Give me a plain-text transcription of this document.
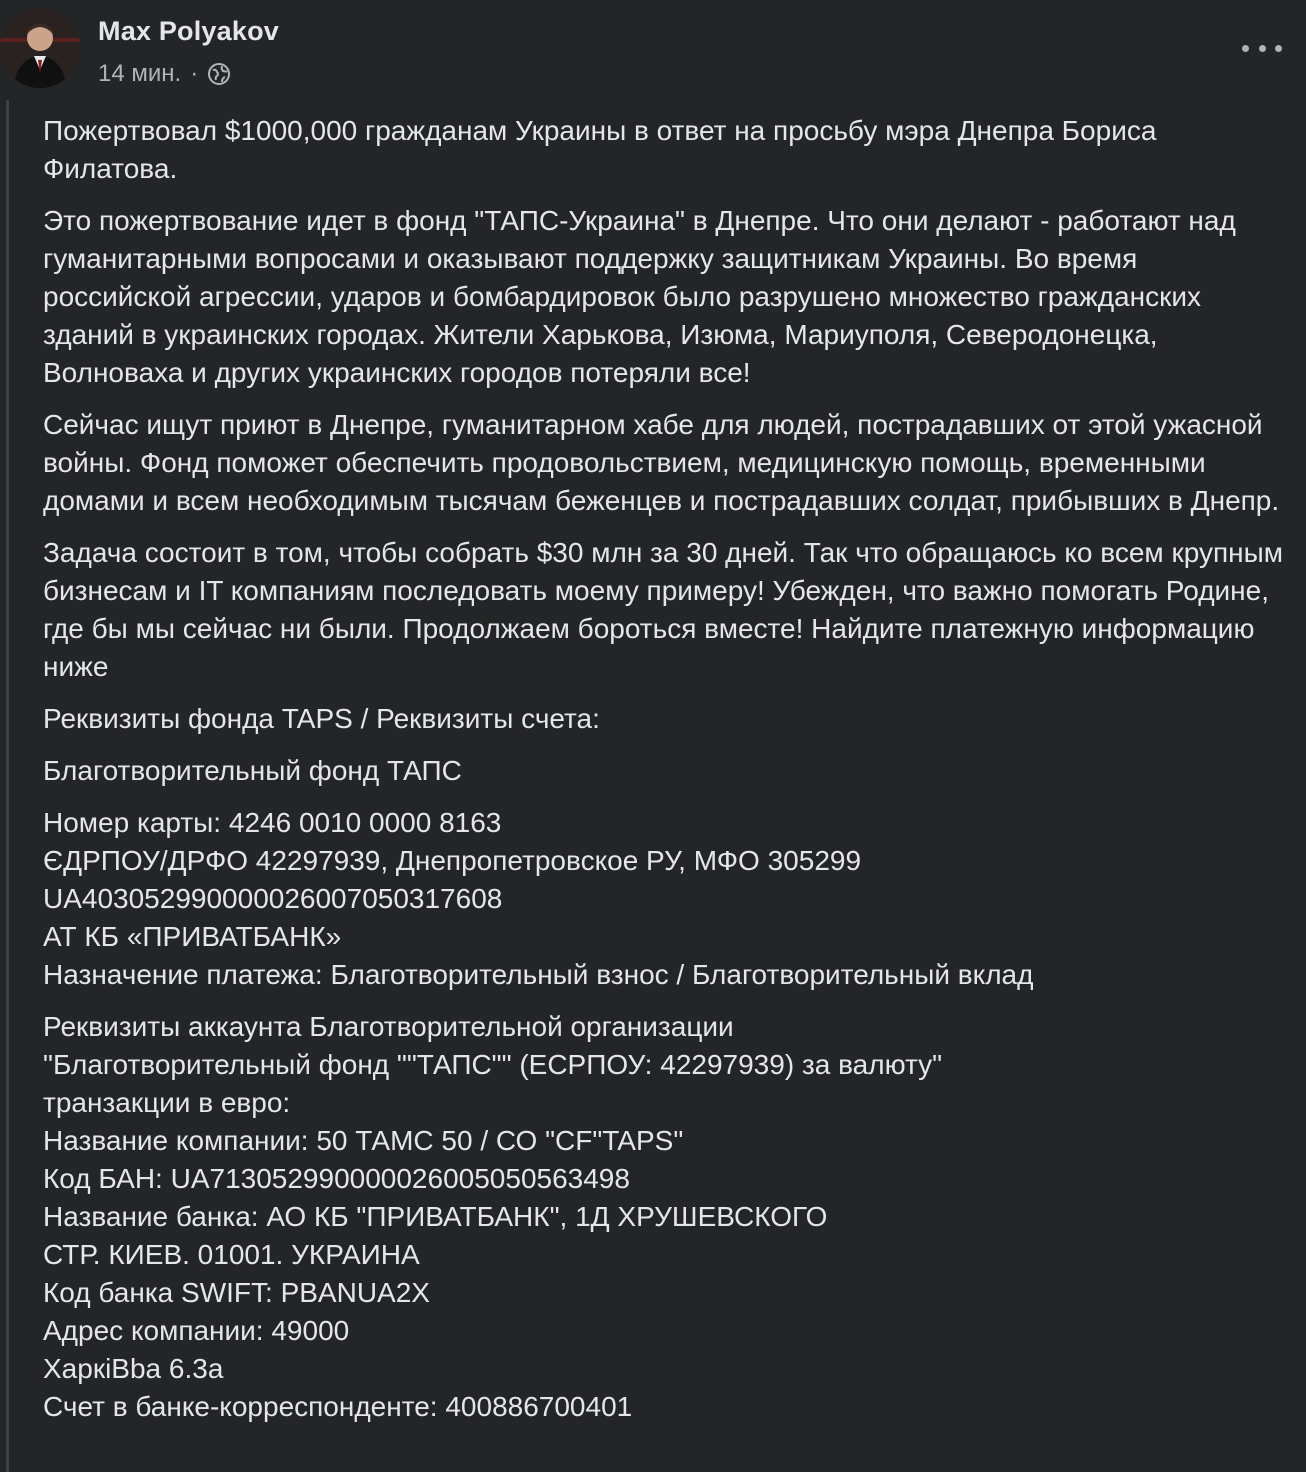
Max Polyakov
14 мин. ·

Пожертвовал $1000,000 гражданам Украины в ответ на просьбу мэра Днепра Бориса Филатова.

Это пожертвование идет в фонд "ТАПС-Украина" в Днепре. Что они делают - работают над гуманитарными вопросами и оказывают поддержку защитникам Украины. Во время российской агрессии, ударов и бомбардировок было разрушено множество гражданских зданий в украинских городах. Жители Харькова, Изюма, Мариуполя, Северодонецка, Волноваха и других украинских городов потеряли все!

Сейчас ищут приют в Днепре, гуманитарном хабе для людей, пострадавших от этой ужасной войны. Фонд поможет обеспечить продовольствием, медицинскую помощь, временными домами и всем необходимым тысячам беженцев и пострадавших солдат, прибывших в Днепр.

Задача состоит в том, чтобы собрать $30 млн за 30 дней. Так что обращаюсь ко всем крупным бизнесам и IT компаниям последовать моему примеру! Убежден, что важно помогать Родине, где бы мы сейчас ни были. Продолжаем бороться вместе! Найдите платежную информацию ниже

Реквизиты фонда TAPS / Реквизиты счета:

Благотворительный фонд ТАПС

Номер карты: 4246 0010 0000 8163
ЄДРПОУ/ДРФО 42297939, Днепропетровское РУ, МФО 305299
UA403052990000026007050317608
АТ КБ «ПРИВАТБАНК»
Назначение платежа: Благотворительный взнос / Благотворительный вклад

Реквизиты аккаунта Благотворительной организации
"Благотворительный фонд ""ТАПС"" (ЕСРПОУ: 42297939) за валюту"
транзакции в евро:
Название компании: 50 ТАМС 50 / СО "CF"TAPS"
Код БАН: UA713052990000026005050563498
Название банка: АО КБ "ПРИВАТБАНК", 1Д ХРУШЕВСКОГО
СТР. КИЕВ. 01001. УКРАИНА
Код банка SWIFT: PBANUA2X
Адрес компании: 49000
ХаркiВbа 6.3а
Счет в банке-корреспонденте: 400886700401
